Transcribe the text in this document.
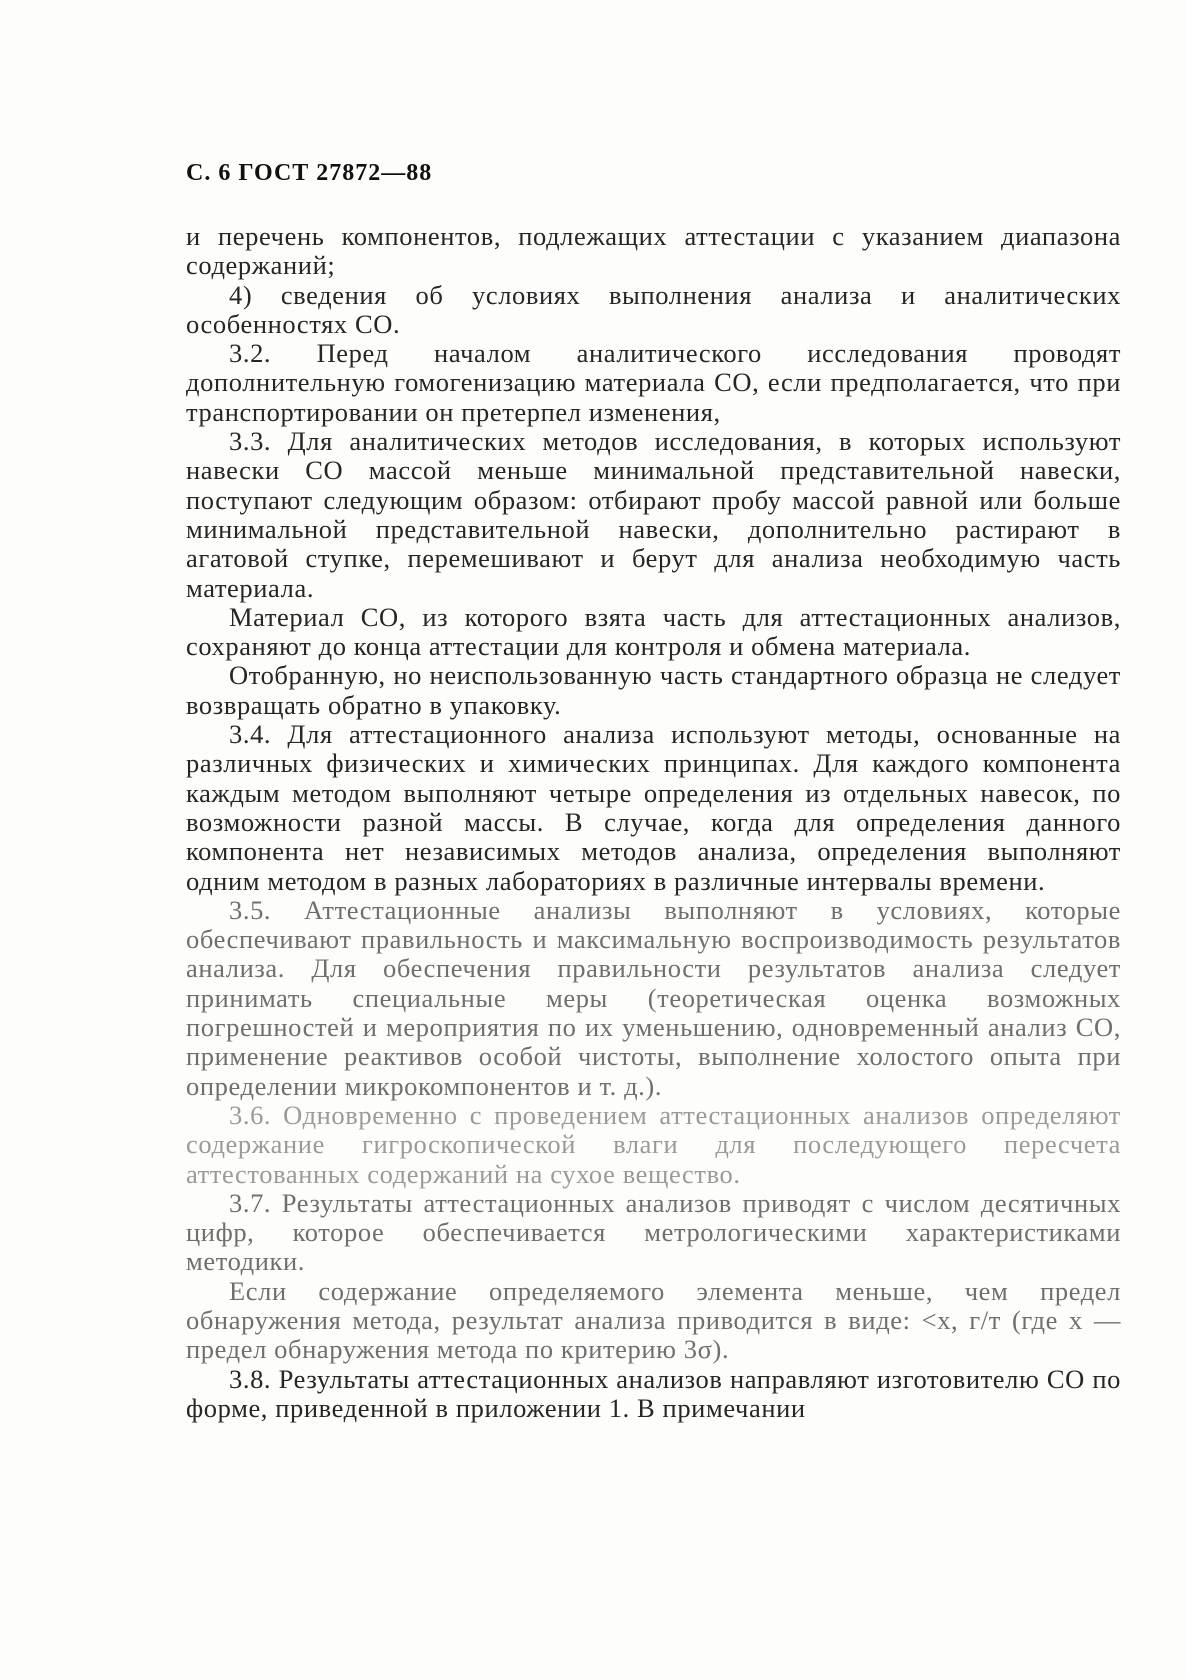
С. 6 ГОСТ 27872—88

и перечень компонентов, подлежащих аттестации с указанием диапазона содержаний;

4) сведения об условиях выполнения анализа и аналитических особенностях СО.

3.2. Перед началом аналитического исследования проводят дополнительную гомогенизацию материала СО, если предполагается, что при транспортировании он претерпел изменения,

3.3. Для аналитических методов исследования, в которых используют навески СО массой меньше минимальной представительной навески, поступают следующим образом: отбирают пробу массой равной или больше минимальной представительной навески, дополнительно растирают в агатовой ступке, перемешивают и берут для анализа необходимую часть материала.

Материал СО, из которого взята часть для аттестационных анализов, сохраняют до конца аттестации для контроля и обмена материала.

Отобранную, но неиспользованную часть стандартного образца не следует возвращать обратно в упаковку.

3.4. Для аттестационного анализа используют методы, основанные на различных физических и химических принципах. Для каждого компонента каждым методом выполняют четыре определения из отдельных навесок, по возможности разной массы. В случае, когда для определения данного компонента нет независимых методов анализа, определения выполняют одним методом в разных лабораториях в различные интервалы времени.

3.5. Аттестационные анализы выполняют в условиях, которые обеспечивают правильность и максимальную воспроизводимость результатов анализа. Для обеспечения правильности результатов анализа следует принимать специальные меры (теоретическая оценка возможных погрешностей и мероприятия по их уменьшению, одновременный анализ СО, применение реактивов особой чистоты, выполнение холостого опыта при определении микрокомпонентов и т. д.).

3.6. Одновременно с проведением аттестационных анализов определяют содержание гигроскопической влаги для последующего пересчета аттестованных содержаний на сухое вещество.

3.7. Результаты аттестационных анализов приводят с числом десятичных цифр, которое обеспечивается метрологическими характеристиками методики.

Если содержание определяемого элемента меньше, чем предел обнаружения метода, результат анализа приводится в виде: <x, г/т (где x — предел обнаружения метода по критерию 3σ).

3.8. Результаты аттестационных анализов направляют изготовителю СО по форме, приведенной в приложении 1. В примечании
